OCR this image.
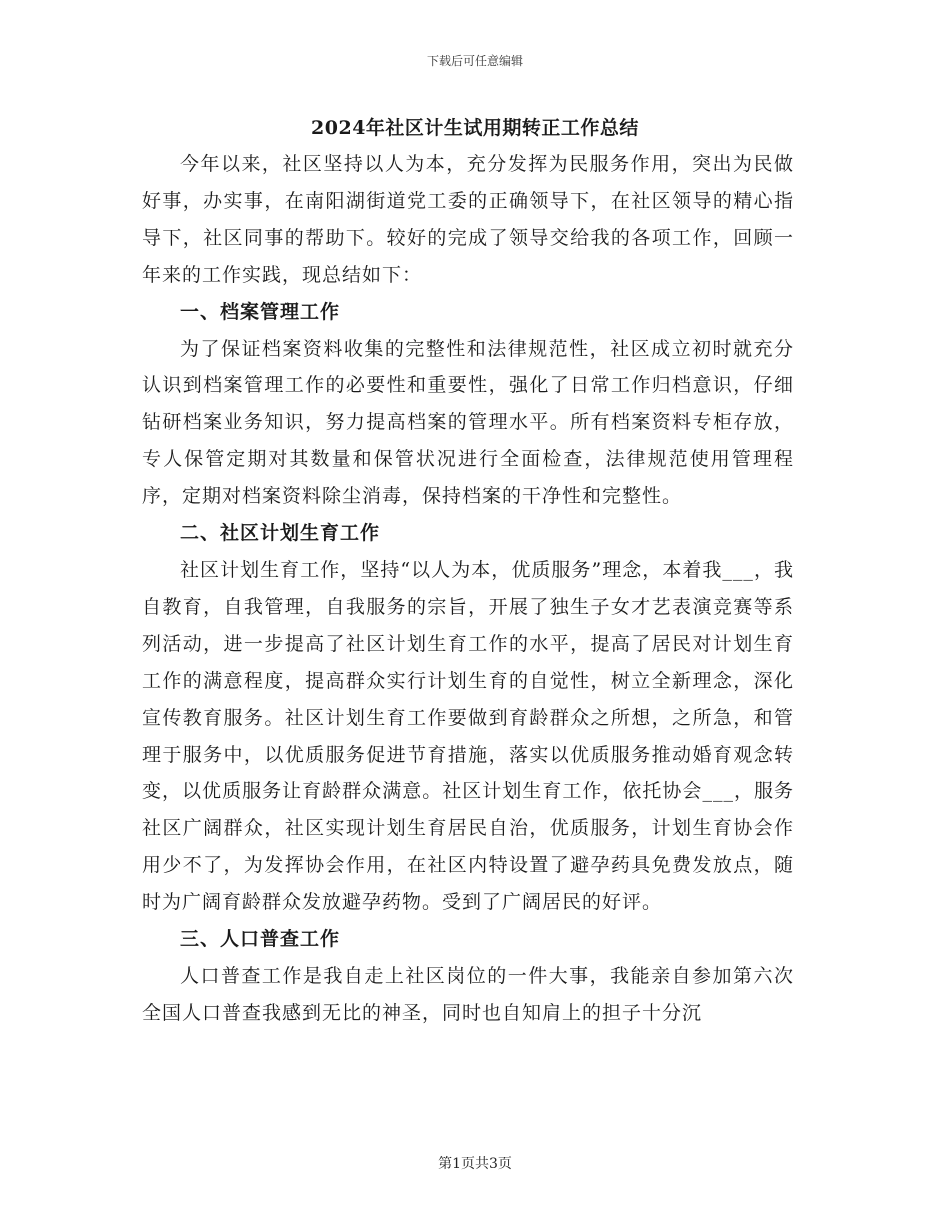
下载后可任意编辑
2024年社区计生试用期转正工作总结

今年以来，社区坚持以人为本，充分发挥为民服务作用，突出为民做好事，办实事，在南阳湖街道党工委的正确领导下，在社区领导的精心指导下，社区同事的帮助下。较好的完成了领导交给我的各项工作，回顾一年来的工作实践，现总结如下：

一、档案管理工作

为了保证档案资料收集的完整性和法律规范性，社区成立初时就充分认识到档案管理工作的必要性和重要性，强化了日常工作归档意识，仔细钻研档案业务知识，努力提高档案的管理水平。所有档案资料专柜存放，专人保管定期对其数量和保管状况进行全面检查，法律规范使用管理程序，定期对档案资料除尘消毒，保持档案的干净性和完整性。

二、社区计划生育工作

社区计划生育工作，坚持“以人为本，优质服务”理念，本着我___，我自教育，自我管理，自我服务的宗旨，开展了独生子女才艺表演竞赛等系列活动，进一步提高了社区计划生育工作的水平，提高了居民对计划生育工作的满意程度，提高群众实行计划生育的自觉性，树立全新理念，深化宣传教育服务。社区计划生育工作要做到育龄群众之所想，之所急，和管理于服务中，以优质服务促进节育措施，落实以优质服务推动婚育观念转变，以优质服务让育龄群众满意。社区计划生育工作，依托协会___，服务社区广阔群众，社区实现计划生育居民自治，优质服务，计划生育协会作用少不了，为发挥协会作用，在社区内特设置了避孕药具免费发放点，随时为广阔育龄群众发放避孕药物。受到了广阔居民的好评。

三、人口普查工作

人口普查工作是我自走上社区岗位的一件大事，我能亲自参加第六次全国人口普查我感到无比的神圣，同时也自知肩上的担子十分沉

第1页共3页
